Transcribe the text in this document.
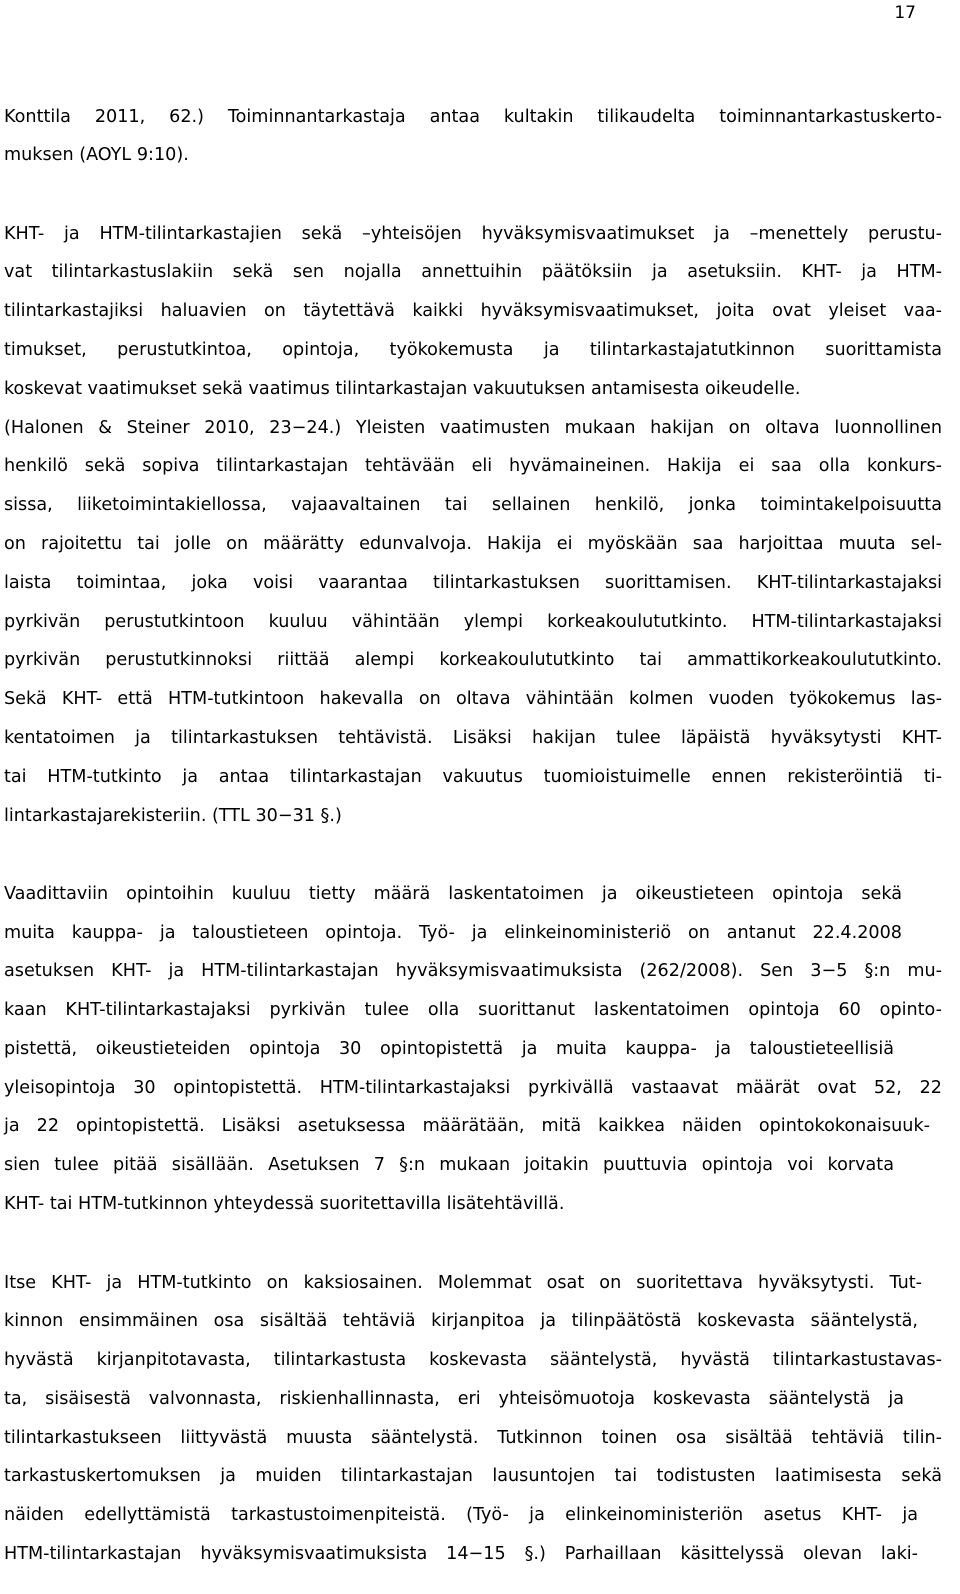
17
Konttila 2011, 62.) Toiminnantarkastaja antaa kultakin tilikaudelta toiminnantarkastuskerto-
muksen (AOYL 9:10).
KHT- ja HTM-tilintarkastajien sekä –yhteisöjen hyväksymisvaatimukset ja –menettely perustu-
vat tilintarkastuslakiin sekä sen nojalla annettuihin päätöksiin ja asetuksiin. KHT- ja HTM-
tilintarkastajiksi haluavien on täytettävä kaikki hyväksymisvaatimukset, joita ovat yleiset vaa-
timukset, perustutkintoa, opintoja, työkokemusta ja tilintarkastajatutkinnon suorittamista
koskevat vaatimukset sekä vaatimus tilintarkastajan vakuutuksen antamisesta oikeudelle.
(Halonen & Steiner 2010, 23−24.) Yleisten vaatimusten mukaan hakijan on oltava luonnollinen
henkilö sekä sopiva tilintarkastajan tehtävään eli hyvämaineinen. Hakija ei saa olla konkurs-
sissa, liiketoimintakiellossa, vajaavaltainen tai sellainen henkilö, jonka toimintakelpoisuutta
on rajoitettu tai jolle on määrätty edunvalvoja. Hakija ei myöskään saa harjoittaa muuta sel-
laista toimintaa, joka voisi vaarantaa tilintarkastuksen suorittamisen. KHT-tilintarkastajaksi
pyrkivän perustutkintoon kuuluu vähintään ylempi korkeakoulututkinto. HTM-tilintarkastajaksi
pyrkivän perustutkinnoksi riittää alempi korkeakoulututkinto tai ammattikorkeakoulututkinto.
Sekä KHT- että HTM-tutkintoon hakevalla on oltava vähintään kolmen vuoden työkokemus las-
kentatoimen ja tilintarkastuksen tehtävistä. Lisäksi hakijan tulee läpäistä hyväksytysti KHT-
tai HTM-tutkinto ja antaa tilintarkastajan vakuutus tuomioistuimelle ennen rekisteröintiä ti-
lintarkastajarekisteriin. (TTL 30−31 §.)
Vaadittaviin opintoihin kuuluu tietty määrä laskentatoimen ja oikeustieteen opintoja sekä
muita kauppa- ja taloustieteen opintoja. Työ- ja elinkeinoministeriö on antanut 22.4.2008
asetuksen KHT- ja HTM-tilintarkastajan hyväksymisvaatimuksista (262/2008). Sen 3−5 §:n mu-
kaan KHT-tilintarkastajaksi pyrkivän tulee olla suorittanut laskentatoimen opintoja 60 opinto-
pistettä, oikeustieteiden opintoja 30 opintopistettä ja muita kauppa- ja taloustieteellisiä
yleisopintoja 30 opintopistettä. HTM-tilintarkastajaksi pyrkivällä vastaavat määrät ovat 52, 22
ja 22 opintopistettä. Lisäksi asetuksessa määrätään, mitä kaikkea näiden opintokokonaisuuk-
sien tulee pitää sisällään. Asetuksen 7 §:n mukaan joitakin puuttuvia opintoja voi korvata
KHT- tai HTM-tutkinnon yhteydessä suoritettavilla lisätehtävillä.
Itse KHT- ja HTM-tutkinto on kaksiosainen. Molemmat osat on suoritettava hyväksytysti. Tut-
kinnon ensimmäinen osa sisältää tehtäviä kirjanpitoa ja tilinpäätöstä koskevasta sääntelystä,
hyvästä kirjanpitotavasta, tilintarkastusta koskevasta sääntelystä, hyvästä tilintarkastustavas-
ta, sisäisestä valvonnasta, riskienhallinnasta, eri yhteisömuotoja koskevasta sääntelystä ja
tilintarkastukseen liittyvästä muusta sääntelystä. Tutkinnon toinen osa sisältää tehtäviä tilin-
tarkastuskertomuksen ja muiden tilintarkastajan lausuntojen tai todistusten laatimisesta sekä
näiden edellyttämistä tarkastustoimenpiteistä. (Työ- ja elinkeinoministeriön asetus KHT- ja
HTM-tilintarkastajan hyväksymisvaatimuksista 14−15 §.) Parhaillaan käsittelyssä olevan laki-
